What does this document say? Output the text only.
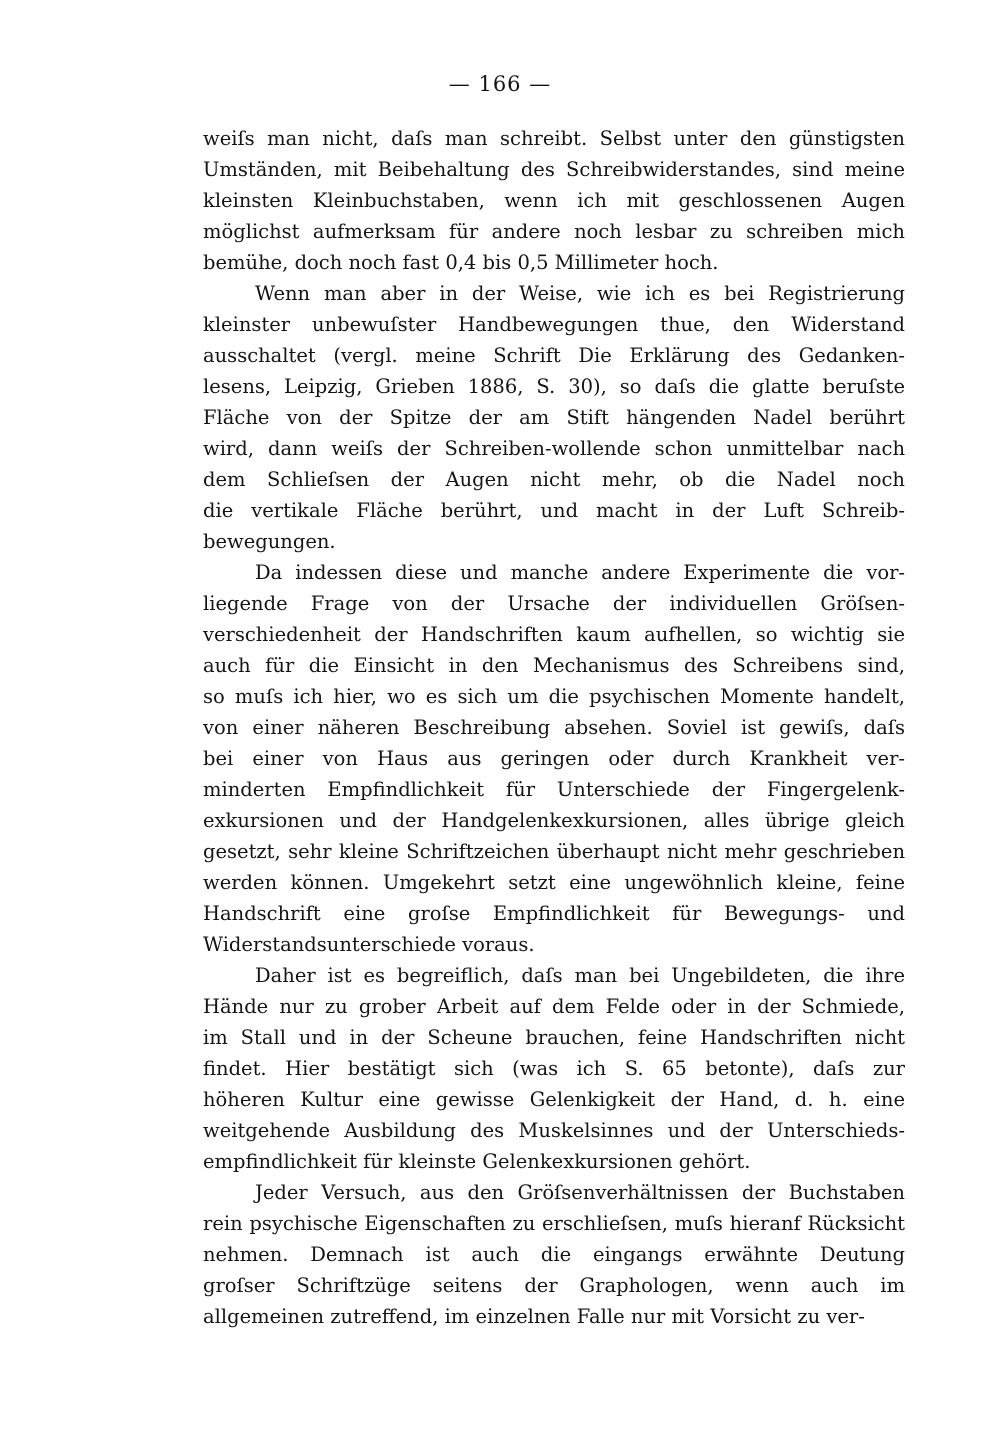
— 166 —
weiſs man nicht, daſs man schreibt. Selbst unter den günstigsten
Umständen, mit Beibehaltung des Schreibwiderstandes, sind meine
kleinsten Kleinbuchstaben, wenn ich mit geschlossenen Augen
möglichst aufmerksam für andere noch lesbar zu schreiben mich
bemühe, doch noch fast 0,4 bis 0,5 Millimeter hoch.
Wenn man aber in der Weise, wie ich es bei Registrierung
kleinster unbewuſster Handbewegungen thue, den Widerstand
ausschaltet (vergl. meine Schrift Die Erklärung des Gedanken-
lesens, Leipzig, Grieben 1886, S. 30), so daſs die glatte beruſste
Fläche von der Spitze der am Stift hängenden Nadel berührt
wird, dann weiſs der Schreiben-wollende schon unmittelbar nach
dem Schlieſsen der Augen nicht mehr, ob die Nadel noch
die vertikale Fläche berührt, und macht in der Luft Schreib-
bewegungen.
Da indessen diese und manche andere Experimente die vor-
liegende Frage von der Ursache der individuellen Gröſsen-
verschiedenheit der Handschriften kaum aufhellen, so wichtig sie
auch für die Einsicht in den Mechanismus des Schreibens sind,
so muſs ich hier, wo es sich um die psychischen Momente handelt,
von einer näheren Beschreibung absehen. Soviel ist gewiſs, daſs
bei einer von Haus aus geringen oder durch Krankheit ver-
minderten Empfindlichkeit für Unterschiede der Fingergelenk-
exkursionen und der Handgelenkexkursionen, alles übrige gleich
gesetzt, sehr kleine Schriftzeichen überhaupt nicht mehr geschrieben
werden können. Umgekehrt setzt eine ungewöhnlich kleine, feine
Handschrift eine groſse Empfindlichkeit für Bewegungs- und
Widerstandsunterschiede voraus.
Daher ist es begreiflich, daſs man bei Ungebildeten, die ihre
Hände nur zu grober Arbeit auf dem Felde oder in der Schmiede,
im Stall und in der Scheune brauchen, feine Handschriften nicht
findet. Hier bestätigt sich (was ich S. 65 betonte), daſs zur
höheren Kultur eine gewisse Gelenkigkeit der Hand, d. h. eine
weitgehende Ausbildung des Muskelsinnes und der Unterschieds-
empfindlichkeit für kleinste Gelenkexkursionen gehört.
Jeder Versuch, aus den Gröſsenverhältnissen der Buchstaben
rein psychische Eigenschaften zu erschlieſsen, muſs hieranf Rücksicht
nehmen. Demnach ist auch die eingangs erwähnte Deutung
groſser Schriftzüge seitens der Graphologen, wenn auch im
allgemeinen zutreffend, im einzelnen Falle nur mit Vorsicht zu ver-
